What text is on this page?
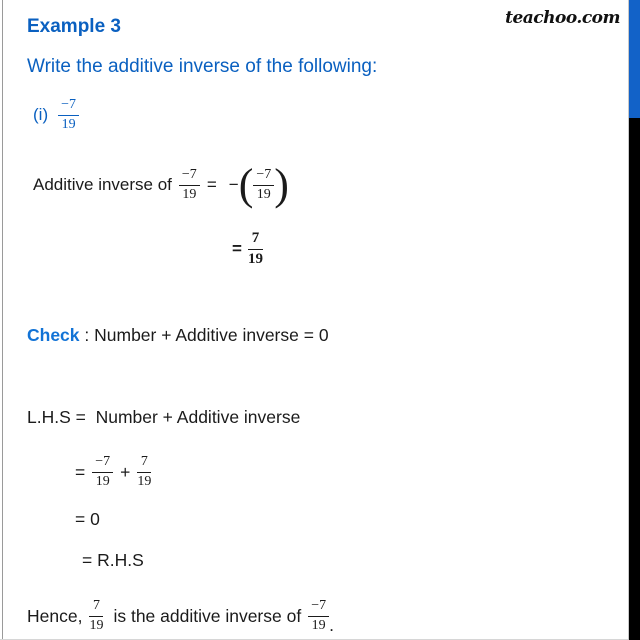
teachoo.com
Example 3
Write the additive inverse of the following:
$(i) \frac{-7}{19}$
Additive inverse of $\frac{-7}{19}$ = − ( $\frac{-7}{19}$ )
= $\frac{7}{19}$
Check : Number + Additive inverse = 0
L.H.S =  Number + Additive inverse
= $\frac{-7}{19} + \frac{7}{19}$
= 0
= R.H.S
Hence, $\frac{7}{19}$ is the additive inverse of $\frac{-7}{19}$ .
